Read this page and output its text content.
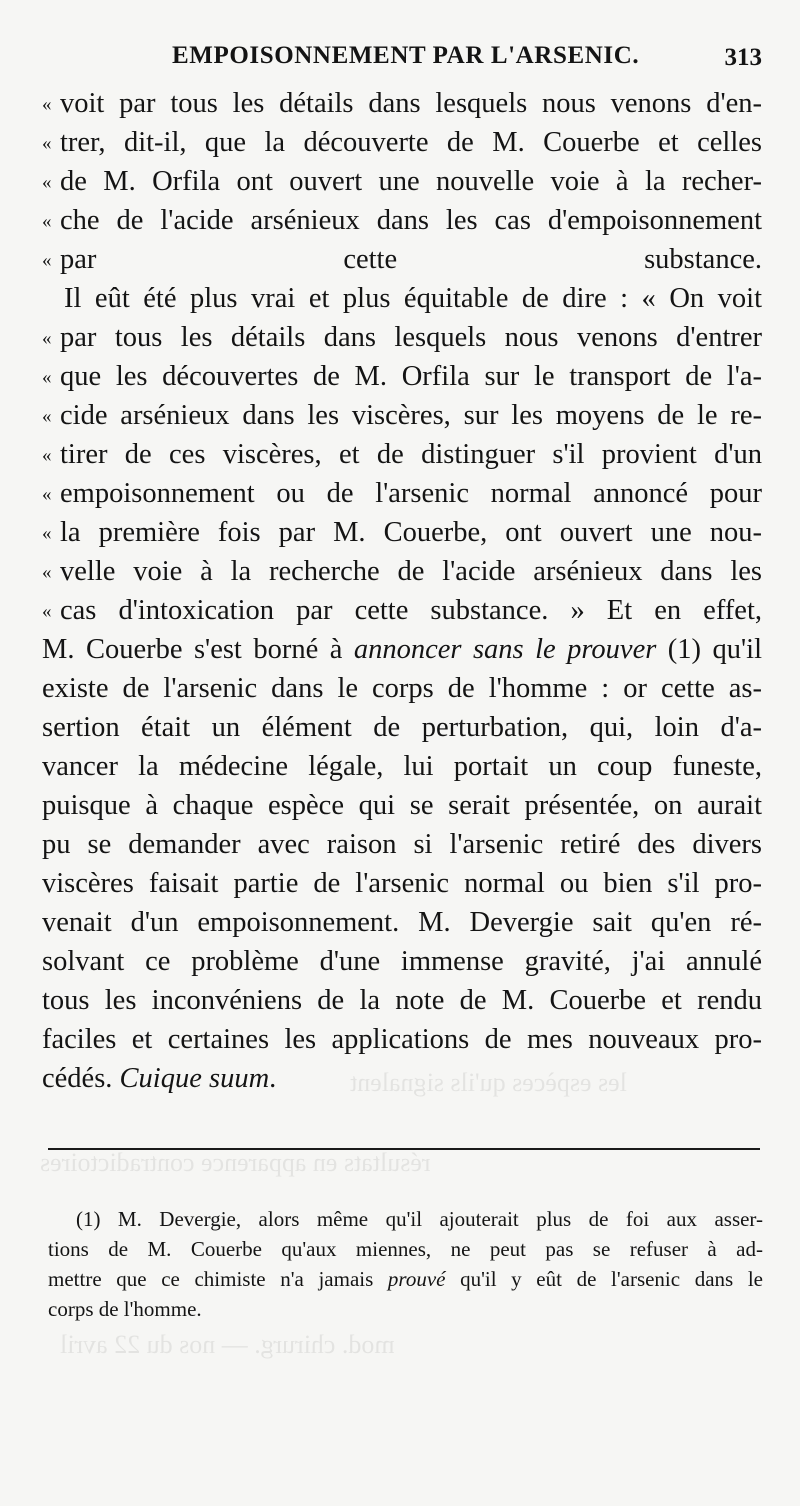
les espèces qu'ils signalent
résultats en apparence contradictoires
mod. chirurg. — nos du 22 avril
EMPOISONNEMENT PAR L'ARSENIC.	313
« voit par tous les détails dans lesquels nous venons d'en-
« trer, dit-il, que la découverte de M. Couerbe et celles
« de M. Orfila ont ouvert une nouvelle voie à la recher-
« che de l'acide arsénieux dans les cas d'empoisonnement
« par cette substance.
Il eût été plus vrai et plus équitable de dire : « On voit
« par tous les détails dans lesquels nous venons d'entrer
« que les découvertes de M. Orfila sur le transport de l'a-
« cide arsénieux dans les viscères, sur les moyens de le re-
« tirer de ces viscères, et de distinguer s'il provient d'un
« empoisonnement ou de l'arsenic normal annoncé pour
« la première fois par M. Couerbe, ont ouvert une nou-
« velle voie à la recherche de l'acide arsénieux dans les
« cas d'intoxication par cette substance. » Et en effet,
M. Couerbe s'est borné à annoncer sans le prouver (1) qu'il
existe de l'arsenic dans le corps de l'homme : or cette as-
sertion était un élément de perturbation, qui, loin d'a-
vancer la médecine légale, lui portait un coup funeste,
puisque à chaque espèce qui se serait présentée, on aurait
pu se demander avec raison si l'arsenic retiré des divers
viscères faisait partie de l'arsenic normal ou bien s'il pro-
venait d'un empoisonnement. M. Devergie sait qu'en ré-
solvant ce problème d'une immense gravité, j'ai annulé
tous les inconvéniens de la note de M. Couerbe et rendu
faciles et certaines les applications de mes nouveaux pro-
cédés. Cuique suum.
(1) M. Devergie, alors même qu'il ajouterait plus de foi aux asser-
tions de M. Couerbe qu'aux miennes, ne peut pas se refuser à ad-
mettre que ce chimiste n'a jamais prouvé qu'il y eût de l'arsenic dans le
corps de l'homme.
